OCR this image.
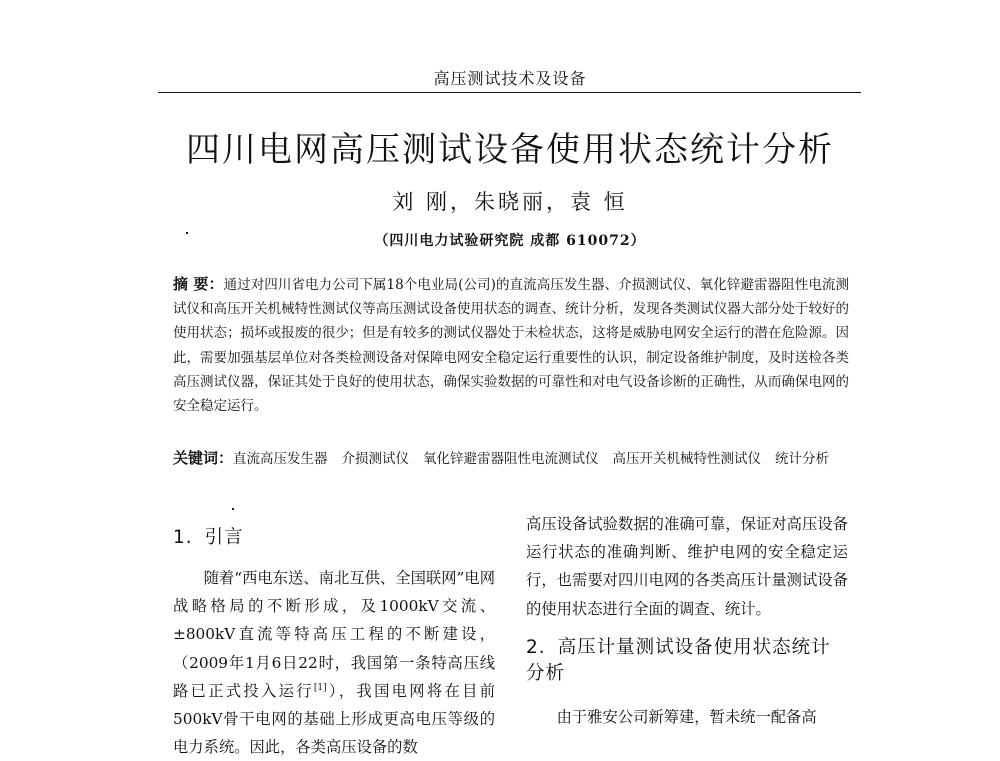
高压测试技术及设备
四川电网高压测试设备使用状态统计分析
刘 刚，朱晓丽，袁 恒
（四川电力试验研究院 成都 610072）

摘 要：通过对四川省电力公司下属18个电业局(公司)的直流高压发生器、介损测试仪、氧化锌避雷器阻性电流测试仪和高压开关机械特性测试仪等高压测试设备使用状态的调查、统计分析，发现各类测试仪器大部分处于较好的使用状态；损坏或报废的很少；但是有较多的测试仪器处于未检状态，这将是威胁电网安全运行的潜在危险源。因此，需要加强基层单位对各类检测设备对保障电网安全稳定运行重要性的认识，制定设备维护制度，及时送检各类高压测试仪器，保证其处于良好的使用状态，确保实验数据的可靠性和对电气设备诊断的正确性，从而确保电网的安全稳定运行。

关键词：直流高压发生器 介损测试仪 氧化锌避雷器阻性电流测试仪 高压开关机械特性测试仪 统计分析

1. 引言

随着“西电东送、南北互供、全国联网”电网战略格局的不断形成，及1000kV交流、±800kV直流等特高压工程的不断建设，（2009年1月6日22时，我国第一条特高压线路已正式投入运行[1]），我国电网将在目前500kV骨干电网的基础上形成更高电压等级的电力系统。因此，各类高压设备的数

高压设备试验数据的准确可靠，保证对高压设备运行状态的准确判断、维护电网的安全稳定运行，也需要对四川电网的各类高压计量测试设备的使用状态进行全面的调查、统计。

2. 高压计量测试设备使用状态统计分析

由于雅安公司新筹建，暂未统一配备高
